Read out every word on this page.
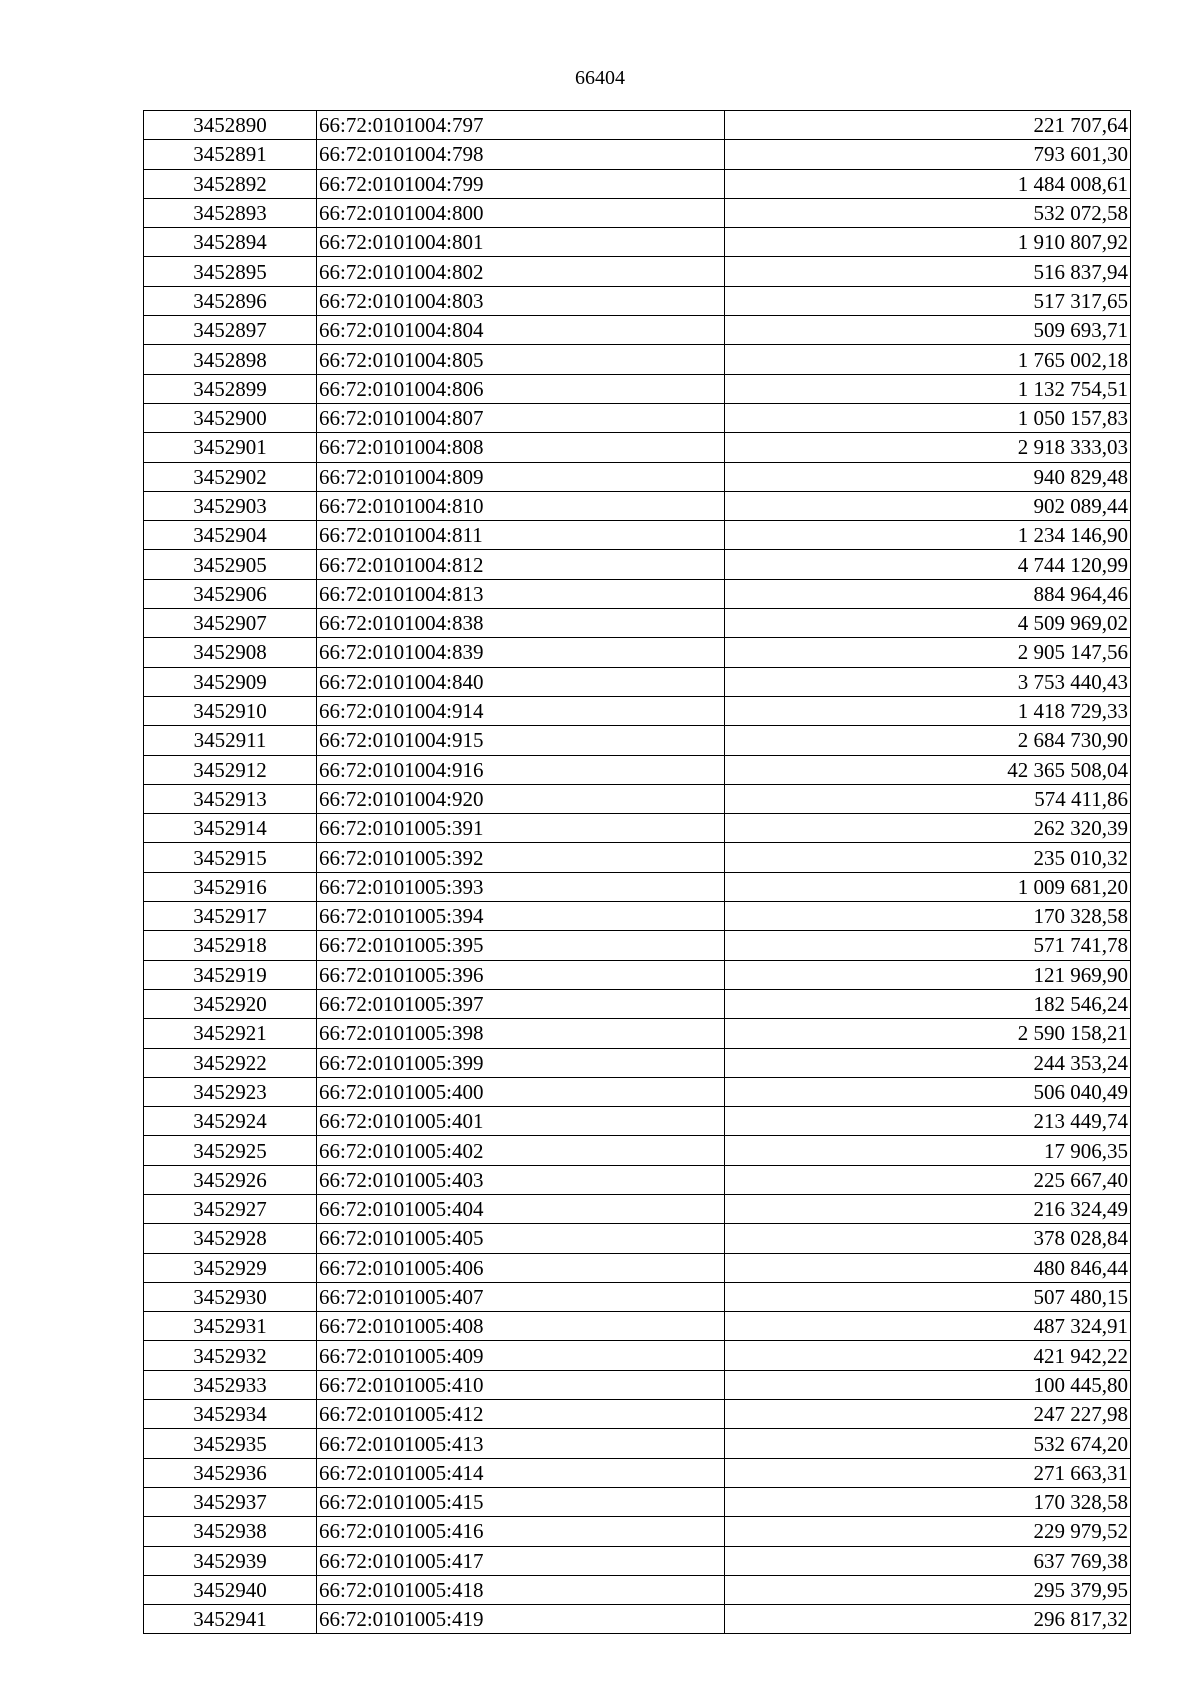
66404
3452890	66:72:0101004:797	221 707,64
3452891	66:72:0101004:798	793 601,30
3452892	66:72:0101004:799	1 484 008,61
3452893	66:72:0101004:800	532 072,58
3452894	66:72:0101004:801	1 910 807,92
3452895	66:72:0101004:802	516 837,94
3452896	66:72:0101004:803	517 317,65
3452897	66:72:0101004:804	509 693,71
3452898	66:72:0101004:805	1 765 002,18
3452899	66:72:0101004:806	1 132 754,51
3452900	66:72:0101004:807	1 050 157,83
3452901	66:72:0101004:808	2 918 333,03
3452902	66:72:0101004:809	940 829,48
3452903	66:72:0101004:810	902 089,44
3452904	66:72:0101004:811	1 234 146,90
3452905	66:72:0101004:812	4 744 120,99
3452906	66:72:0101004:813	884 964,46
3452907	66:72:0101004:838	4 509 969,02
3452908	66:72:0101004:839	2 905 147,56
3452909	66:72:0101004:840	3 753 440,43
3452910	66:72:0101004:914	1 418 729,33
3452911	66:72:0101004:915	2 684 730,90
3452912	66:72:0101004:916	42 365 508,04
3452913	66:72:0101004:920	574 411,86
3452914	66:72:0101005:391	262 320,39
3452915	66:72:0101005:392	235 010,32
3452916	66:72:0101005:393	1 009 681,20
3452917	66:72:0101005:394	170 328,58
3452918	66:72:0101005:395	571 741,78
3452919	66:72:0101005:396	121 969,90
3452920	66:72:0101005:397	182 546,24
3452921	66:72:0101005:398	2 590 158,21
3452922	66:72:0101005:399	244 353,24
3452923	66:72:0101005:400	506 040,49
3452924	66:72:0101005:401	213 449,74
3452925	66:72:0101005:402	17 906,35
3452926	66:72:0101005:403	225 667,40
3452927	66:72:0101005:404	216 324,49
3452928	66:72:0101005:405	378 028,84
3452929	66:72:0101005:406	480 846,44
3452930	66:72:0101005:407	507 480,15
3452931	66:72:0101005:408	487 324,91
3452932	66:72:0101005:409	421 942,22
3452933	66:72:0101005:410	100 445,80
3452934	66:72:0101005:412	247 227,98
3452935	66:72:0101005:413	532 674,20
3452936	66:72:0101005:414	271 663,31
3452937	66:72:0101005:415	170 328,58
3452938	66:72:0101005:416	229 979,52
3452939	66:72:0101005:417	637 769,38
3452940	66:72:0101005:418	295 379,95
3452941	66:72:0101005:419	296 817,32
